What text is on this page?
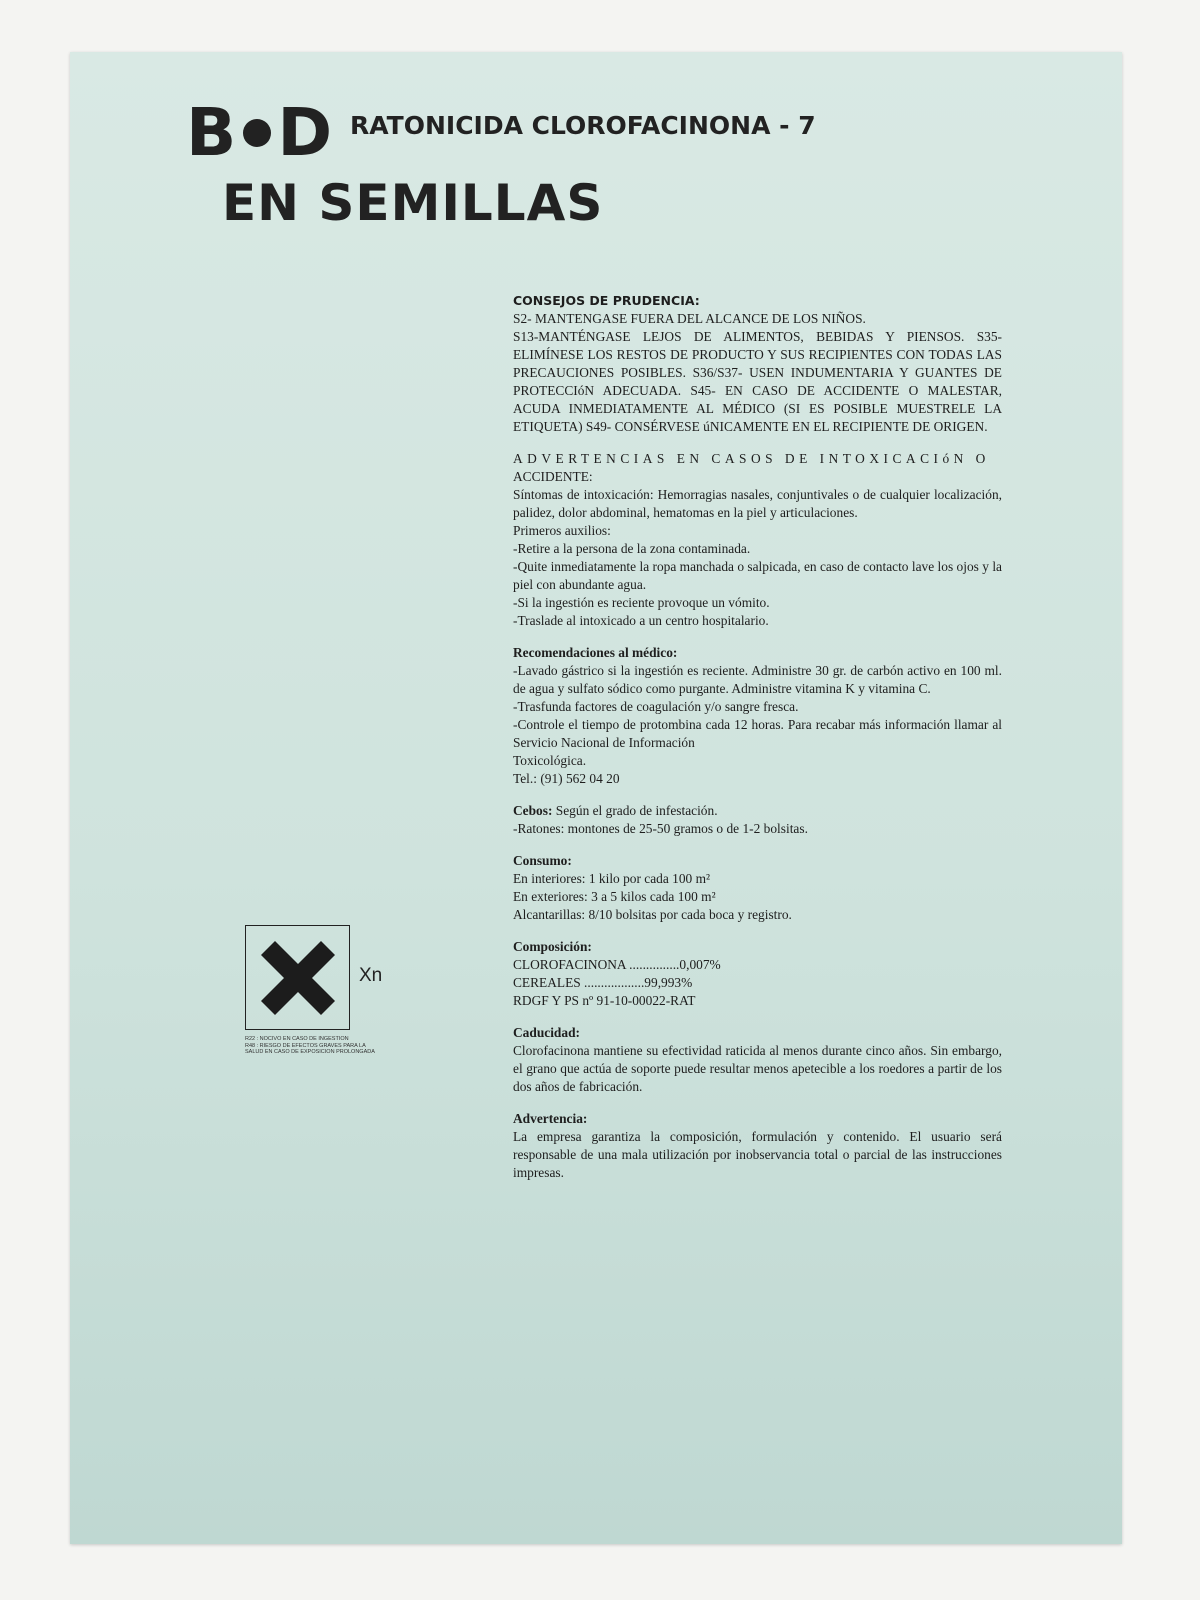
B D RATONICIDA CLOROFACINONA - 7
EN SEMILLAS

CONSEJOS DE PRUDENCIA:

S2- MANTENGASE FUERA DEL ALCANCE DE LOS NIÑOS.

S13-MANTÉNGASE LEJOS DE ALIMENTOS, BEBIDAS Y PIENSOS. S35- ELIMÍNESE LOS RESTOS DE PRODUCTO Y SUS RECIPIENTES CON TODAS LAS PRECAUCIONES POSIBLES. S36/S37- USEN INDUMENTARIA Y GUANTES DE PROTECCIóN ADECUADA. S45- EN CASO DE ACCIDENTE O MALESTAR, ACUDA INMEDIATAMENTE AL MÉDICO (SI ES POSIBLE MUESTRELE LA ETIQUETA) S49- CONSÉRVESE úNICAMENTE EN EL RECIPIENTE DE ORIGEN.

ADVERTENCIAS EN CASOS DE INTOXICACIóN O

ACCIDENTE:

Síntomas de intoxicación: Hemorragias nasales, conjuntivales o de cualquier localización, palidez, dolor abdominal, hematomas en la piel y articulaciones.

Primeros auxilios:

-Retire a la persona de la zona contaminada.

-Quite inmediatamente la ropa manchada o salpicada, en caso de contacto lave los ojos y la piel con abundante agua.

-Si la ingestión es reciente provoque un vómito.

-Traslade al intoxicado a un centro hospitalario.

Recomendaciones al médico:

-Lavado gástrico si la ingestión es reciente. Administre 30 gr. de carbón activo en 100 ml. de agua y sulfato sódico como purgante. Administre vitamina K y vitamina C.

-Trasfunda factores de coagulación y/o sangre fresca.

-Controle el tiempo de protombina cada 12 horas. Para recabar más información llamar al Servicio Nacional de Información

Toxicológica.

Tel.: (91) 562 04 20

Cebos: Según el grado de infestación.

-Ratones: montones de 25-50 gramos o de 1-2 bolsitas.

Consumo:

En interiores: 1 kilo por cada 100 m²

En exteriores: 3 a 5 kilos cada 100 m²

Alcantarillas: 8/10 bolsitas por cada boca y registro.

Composición:

CLOROFACINONA ...............0,007%

CEREALES ..................99,993%

RDGF Y PS nº 91-10-00022-RAT

Caducidad:

Clorofacinona mantiene su efectividad raticida al menos durante cinco años. Sin embargo, el grano que actúa de soporte puede resultar menos apetecible a los roedores a partir de los dos años de fabricación.

Advertencia:

La empresa garantiza la composición, formulación y contenido. El usuario será responsable de una mala utilización por inobservancia total o parcial de las instrucciones impresas.

Xn
R22 : NOCIVO EN CASO DE INGESTION
R48 : RIESGO DE EFECTOS GRAVES PARA LA
SALUD EN CASO DE EXPOSICION PROLONGADA
